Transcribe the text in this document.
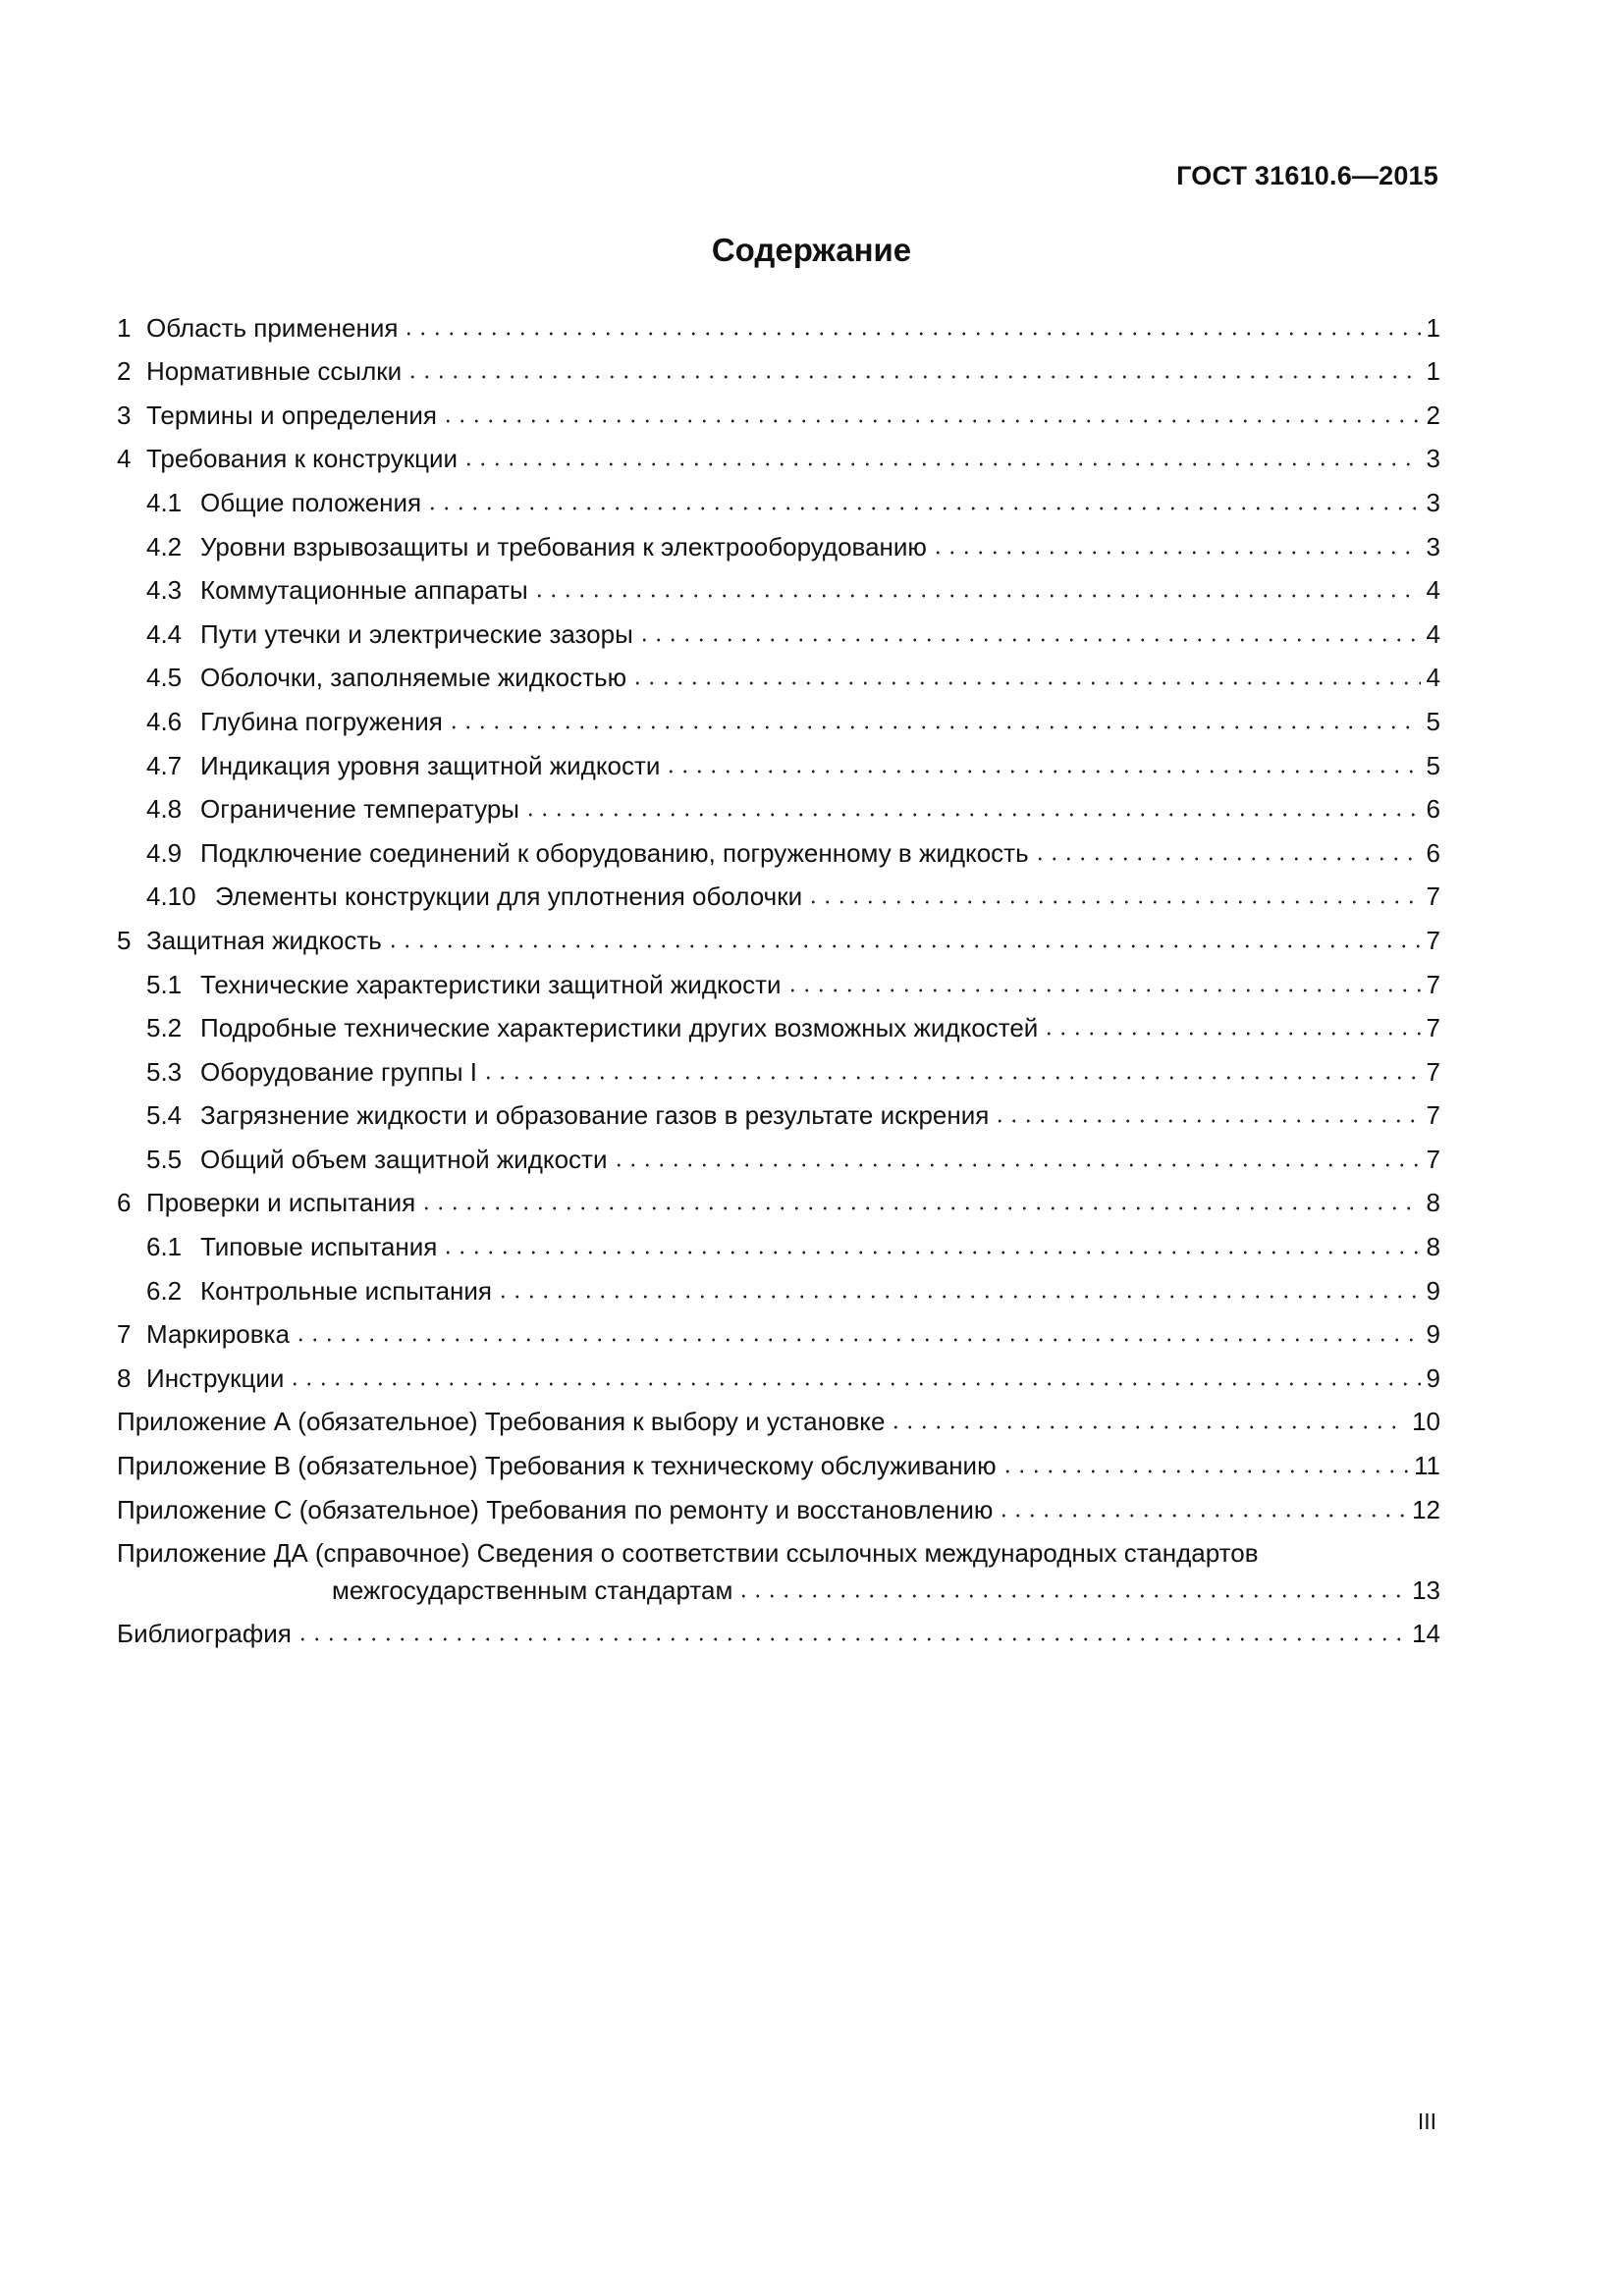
ГОСТ 31610.6—2015
Содержание
1 Область применения	1
2 Нормативные ссылки	1
3 Термины и определения	2
4 Требования к конструкции	3
4.1 Общие положения	3
4.2 Уровни взрывозащиты и требования к электрооборудованию	3
4.3 Коммутационные аппараты	4
4.4 Пути утечки и электрические зазоры	4
4.5 Оболочки, заполняемые жидкостью	4
4.6 Глубина погружения	5
4.7 Индикация уровня защитной жидкости	5
4.8 Ограничение температуры	6
4.9 Подключение соединений к оборудованию, погруженному в жидкость	6
4.10 Элементы конструкции для уплотнения оболочки	7
5 Защитная жидкость	7
5.1 Технические характеристики защитной жидкости	7
5.2 Подробные технические характеристики других возможных жидкостей	7
5.3 Оборудование группы I	7
5.4 Загрязнение жидкости и образование газов в результате искрения	7
5.5 Общий объем защитной жидкости	7
6 Проверки и испытания	8
6.1 Типовые испытания	8
6.2 Контрольные испытания	9
7 Маркировка	9
8 Инструкции	9
Приложение А (обязательное) Требования к выбору и установке	10
Приложение В (обязательное) Требования к техническому обслуживанию	11
Приложение С (обязательное) Требования по ремонту и восстановлению	12
Приложение ДА (справочное) Сведения о соответствии ссылочных международных стандартов
межгосударственным стандартам	13
Библиография	14
III
